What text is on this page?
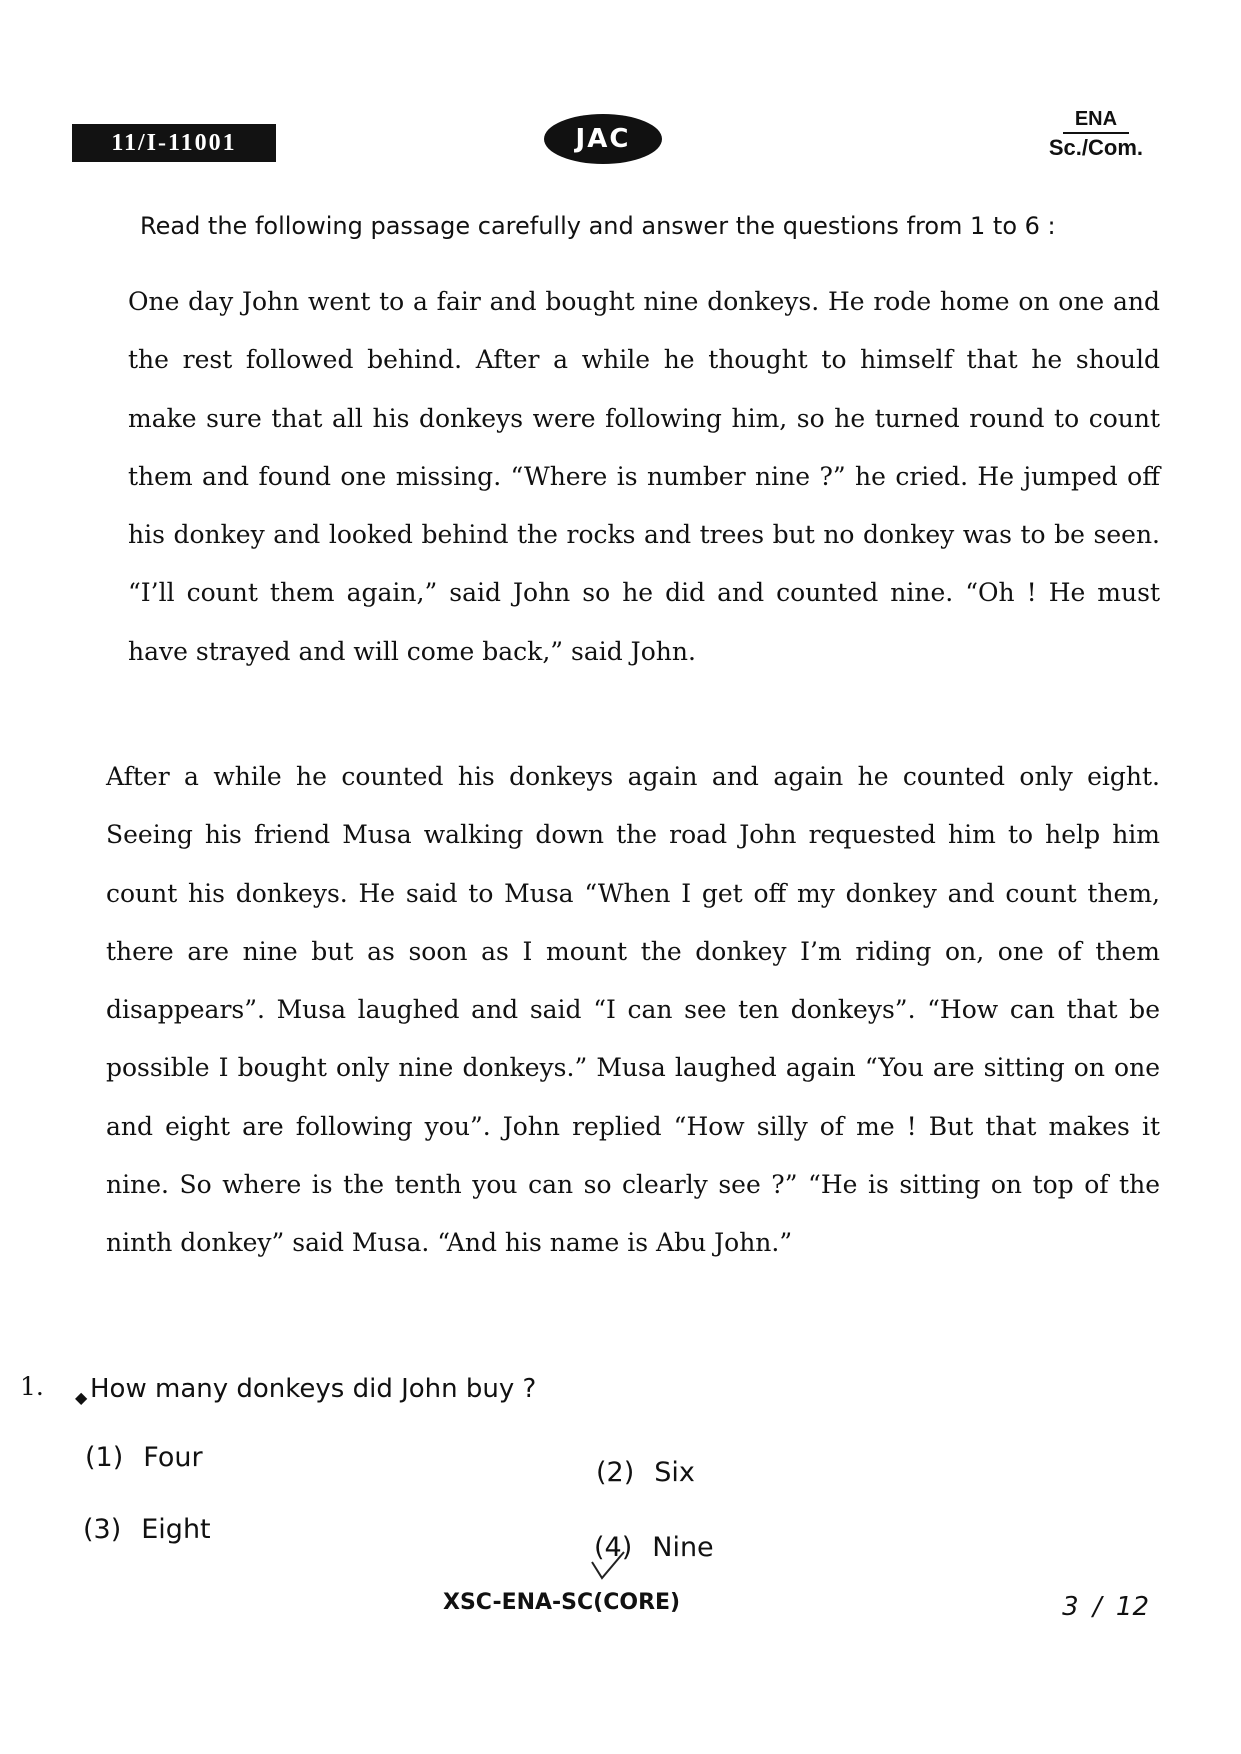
11/I-11001	JAC
ENA
Sc./Com.
Read the following passage carefully and answer the questions from 1 to 6 :

One day John went to a fair and bought nine donkeys. He rode home on one and the rest followed behind. After a while he thought to himself that he should make sure that all his donkeys were following him, so he turned round to count them and found one missing. “Where is number nine ?” he cried. He jumped off his donkey and looked behind the rocks and trees but no donkey was to be seen. “I’ll count them again,” said John so he did and counted nine. “Oh ! He must have strayed and will come back,” said John.

After a while he counted his donkeys again and again he counted only eight. Seeing his friend Musa walking down the road John requested him to help him count his donkeys. He said to Musa “When I get off my donkey and count them, there are nine but as soon as I mount the donkey I’m riding on, one of them disappears”. Musa laughed and said “I can see ten donkeys”. “How can that be possible I bought only nine donkeys.” Musa laughed again “You are sitting on one and eight are following you”. John replied “How silly of me ! But that makes it nine. So where is the tenth you can so clearly see ?” “He is sitting on top of the ninth donkey” said Musa. “And his name is Abu John.”

1. ◆ How many donkeys did John buy ?
(1) Four	(2) Six
(3) Eight
(4) Nine
XSC-ENA-SC(CORE)	3 / 12
